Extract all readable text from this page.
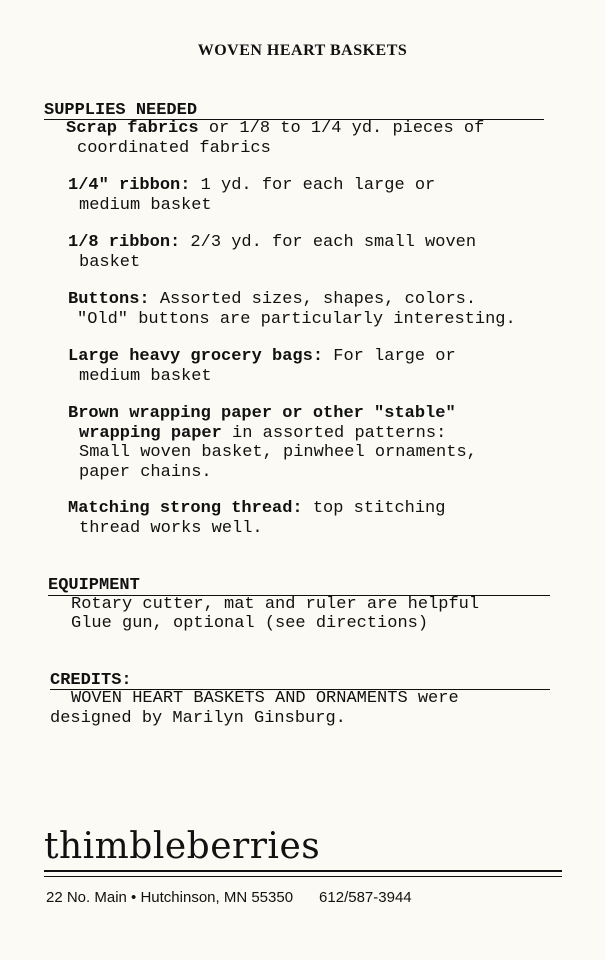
WOVEN HEART BASKETS
SUPPLIES NEEDED
Scrap fabrics or 1/8 to 1/4 yd. pieces of
coordinated fabrics
1/4" ribbon: 1 yd. for each large or
medium basket
1/8 ribbon: 2/3 yd. for each small woven
basket
Buttons: Assorted sizes, shapes, colors.
"Old" buttons are particularly interesting.
Large heavy grocery bags: For large or
medium basket
Brown wrapping paper or other "stable"
wrapping paper in assorted patterns:
Small woven basket, pinwheel ornaments,
paper chains.
Matching strong thread: top stitching
thread works well.
EQUIPMENT
Rotary cutter, mat and ruler are helpful
Glue gun, optional (see directions)
CREDITS:
WOVEN HEART BASKETS AND ORNAMENTS were
designed by Marilyn Ginsburg.
thimbleberries
22 No. Main • Hutchinson, MN 55350 612/587-3944
